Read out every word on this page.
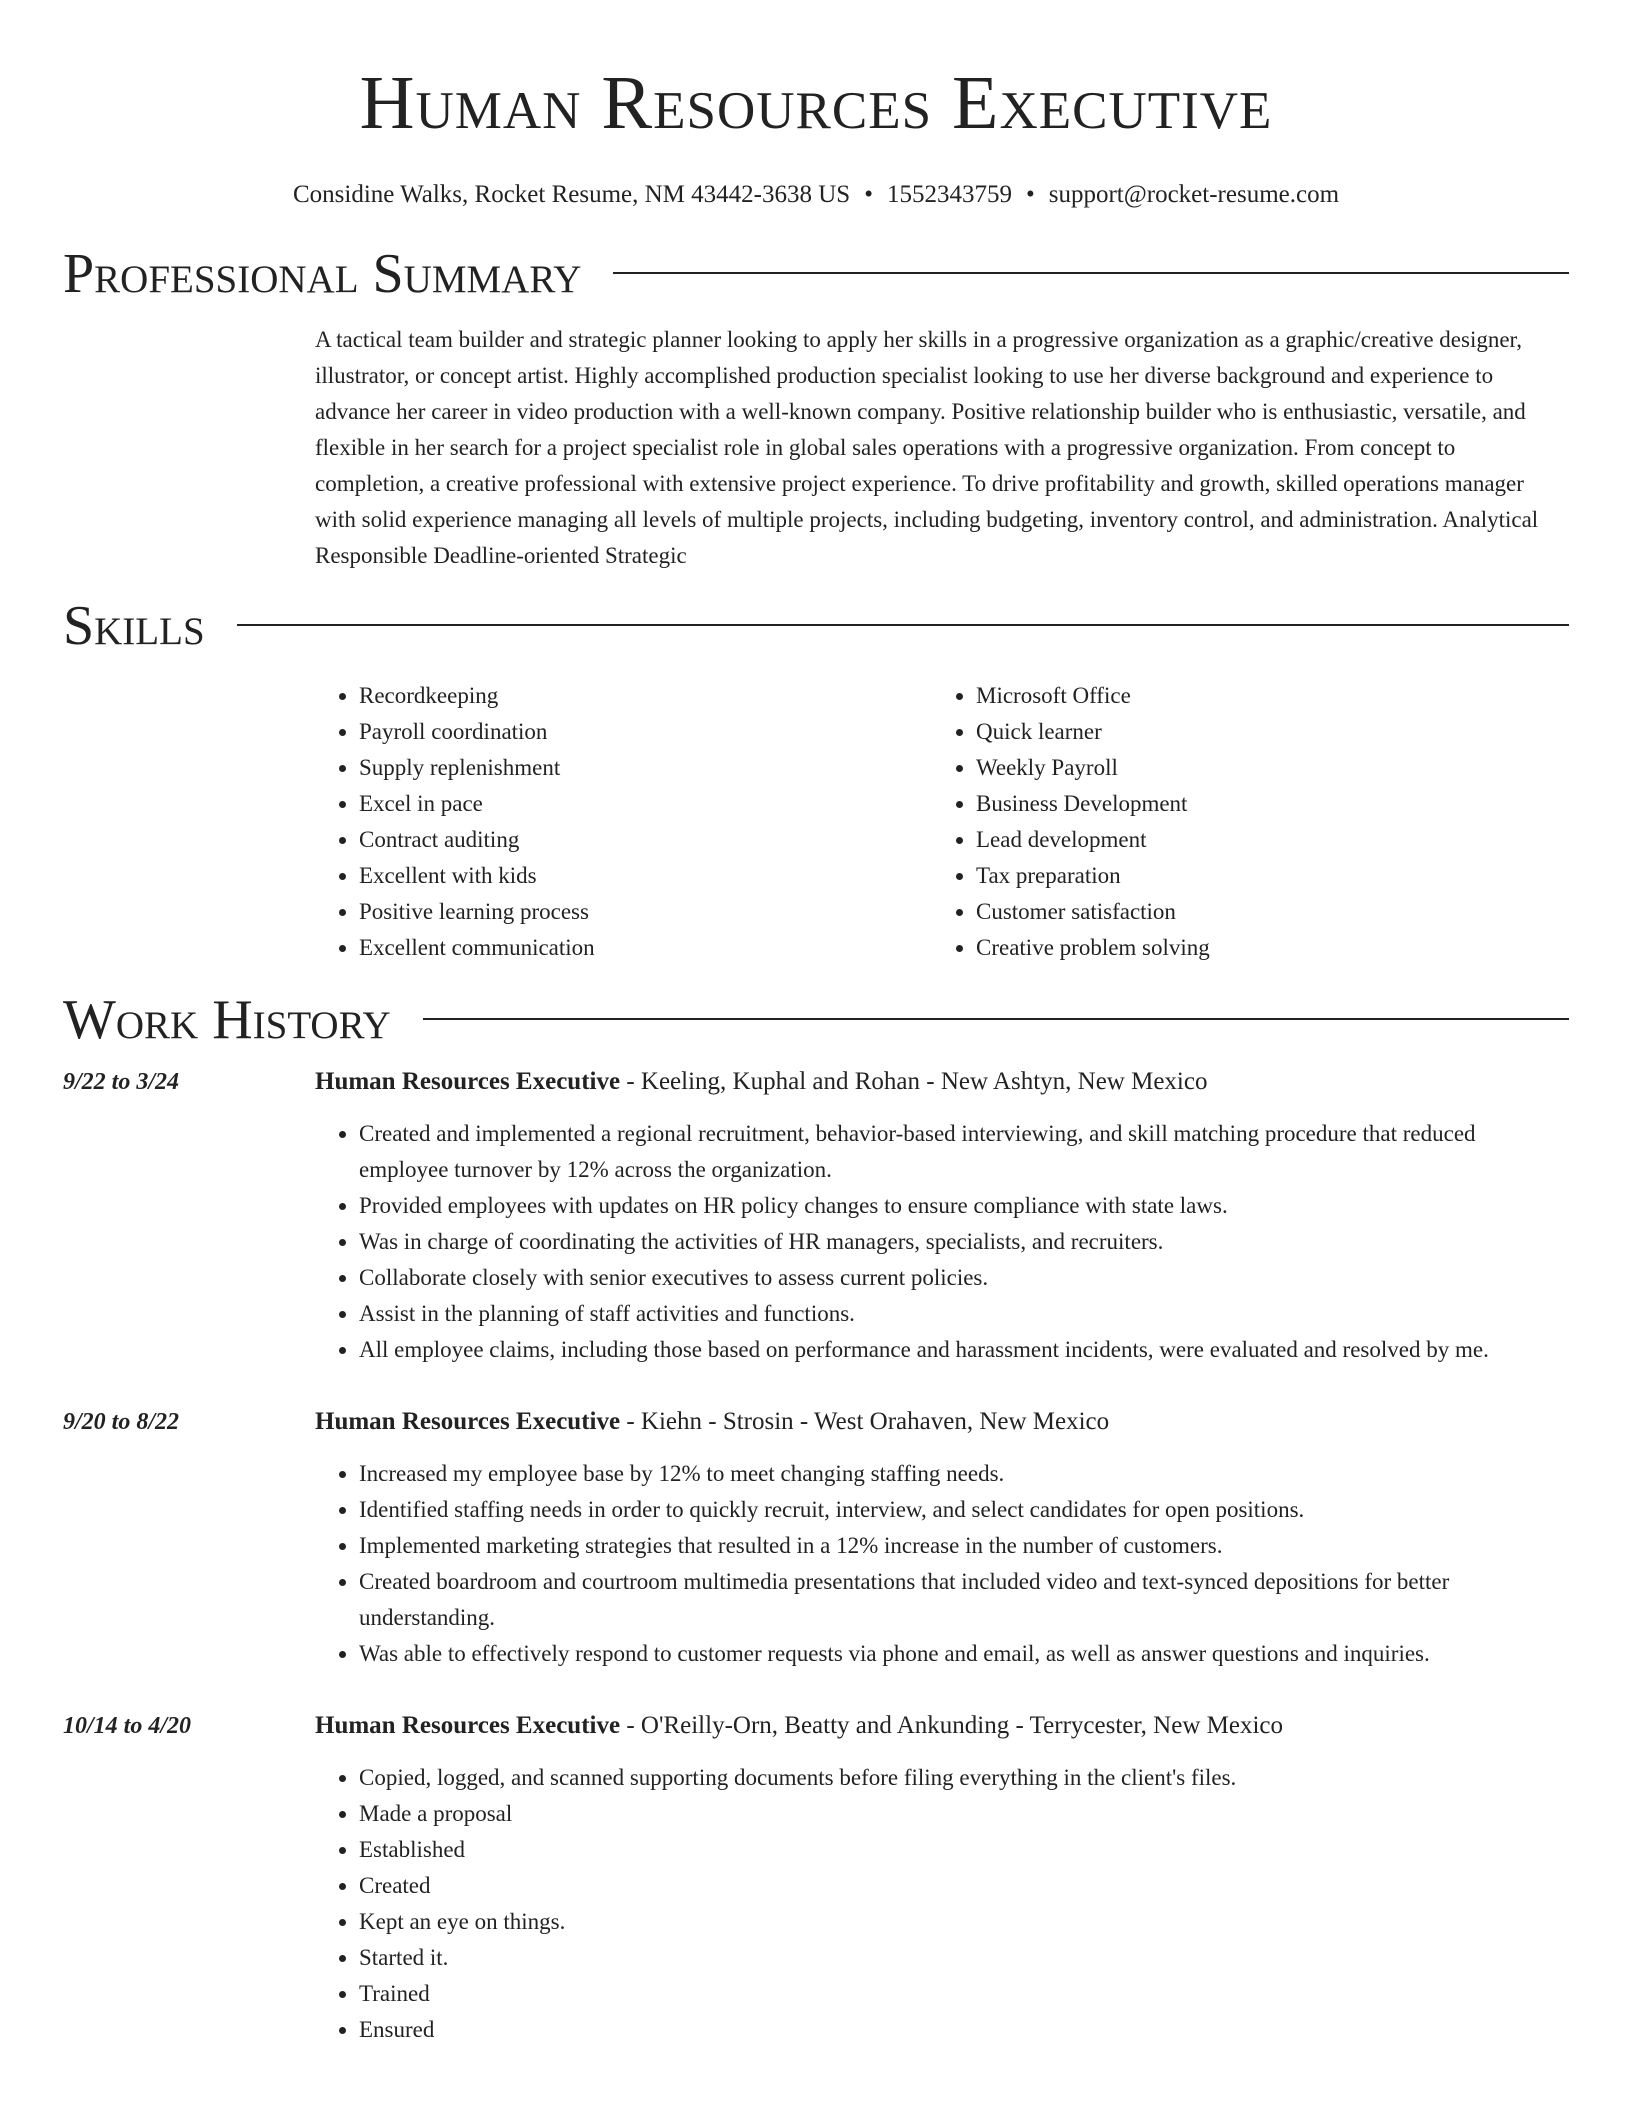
Human Resources Executive
Considine Walks, Rocket Resume, NM 43442-3638 US • 1552343759 • support@rocket-resume.com
Professional Summary

A tactical team builder and strategic planner looking to apply her skills in a progressive organization as a graphic/creative designer, illustrator, or concept artist. Highly accomplished production specialist looking to use her diverse background and experience to advance her career in video production with a well-known company. Positive relationship builder who is enthusiastic, versatile, and flexible in her search for a project specialist role in global sales operations with a progressive organization. From concept to completion, a creative professional with extensive project experience. To drive profitability and growth, skilled operations manager with solid experience managing all levels of multiple projects, including budgeting, inventory control, and administration. Analytical Responsible Deadline-oriented Strategic

Skills
• Recordkeeping
• Payroll coordination
• Supply replenishment
• Excel in pace
• Contract auditing
• Excellent with kids
• Positive learning process
• Excellent communication
• Microsoft Office
• Quick learner
• Weekly Payroll
• Business Development
• Lead development
• Tax preparation
• Customer satisfaction
• Creative problem solving
Work History
9/22 to 3/24	Human Resources Executive - Keeling, Kuphal and Rohan - New Ashtyn, New Mexico
• Created and implemented a regional recruitment, behavior-based interviewing, and skill matching procedure that reduced employee turnover by 12% across the organization.
• Provided employees with updates on HR policy changes to ensure compliance with state laws.
• Was in charge of coordinating the activities of HR managers, specialists, and recruiters.
• Collaborate closely with senior executives to assess current policies.
• Assist in the planning of staff activities and functions.
• All employee claims, including those based on performance and harassment incidents, were evaluated and resolved by me.
9/20 to 8/22	Human Resources Executive - Kiehn - Strosin - West Orahaven, New Mexico
• Increased my employee base by 12% to meet changing staffing needs.
• Identified staffing needs in order to quickly recruit, interview, and select candidates for open positions.
• Implemented marketing strategies that resulted in a 12% increase in the number of customers.
• Created boardroom and courtroom multimedia presentations that included video and text-synced depositions for better understanding.
• Was able to effectively respond to customer requests via phone and email, as well as answer questions and inquiries.
10/14 to 4/20	Human Resources Executive - O'Reilly-Orn, Beatty and Ankunding - Terrycester, New Mexico
• Copied, logged, and scanned supporting documents before filing everything in the client's files.
• Made a proposal
• Established
• Created
• Kept an eye on things.
• Started it.
• Trained
• Ensured
